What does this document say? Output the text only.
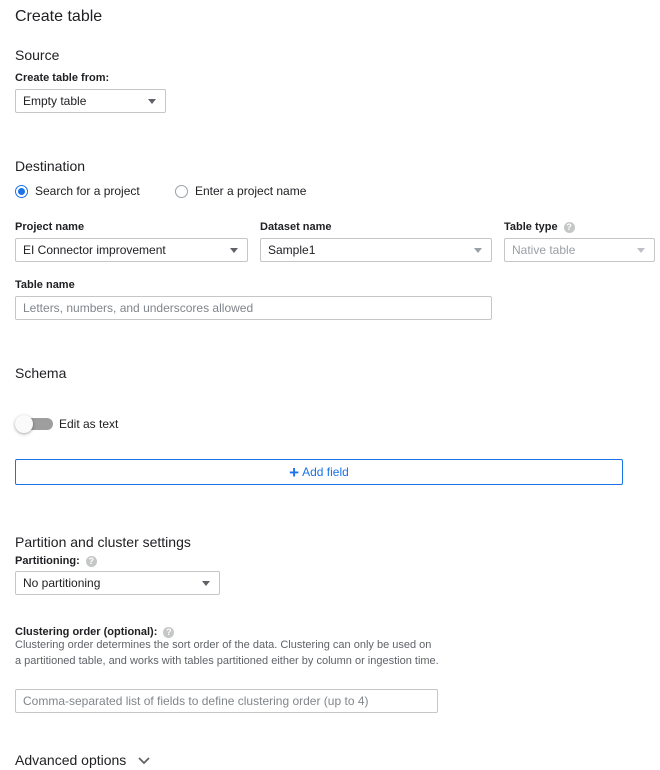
Create table
Source
Create table from:
Empty table
Destination
Search for a project	Enter a project name
Project name
EI Connector improvement
Dataset name
Sample1
Table type ?
Native table
Table name
Letters, numbers, and underscores allowed
Schema
Edit as text
+ Add field
Partition and cluster settings
Partitioning: ?
No partitioning
Clustering order (optional): ?
Clustering order determines the sort order of the data. Clustering can only be used on a partitioned table, and works with tables partitioned either by column or ingestion time.
Comma-separated list of fields to define clustering order (up to 4)
Advanced options
